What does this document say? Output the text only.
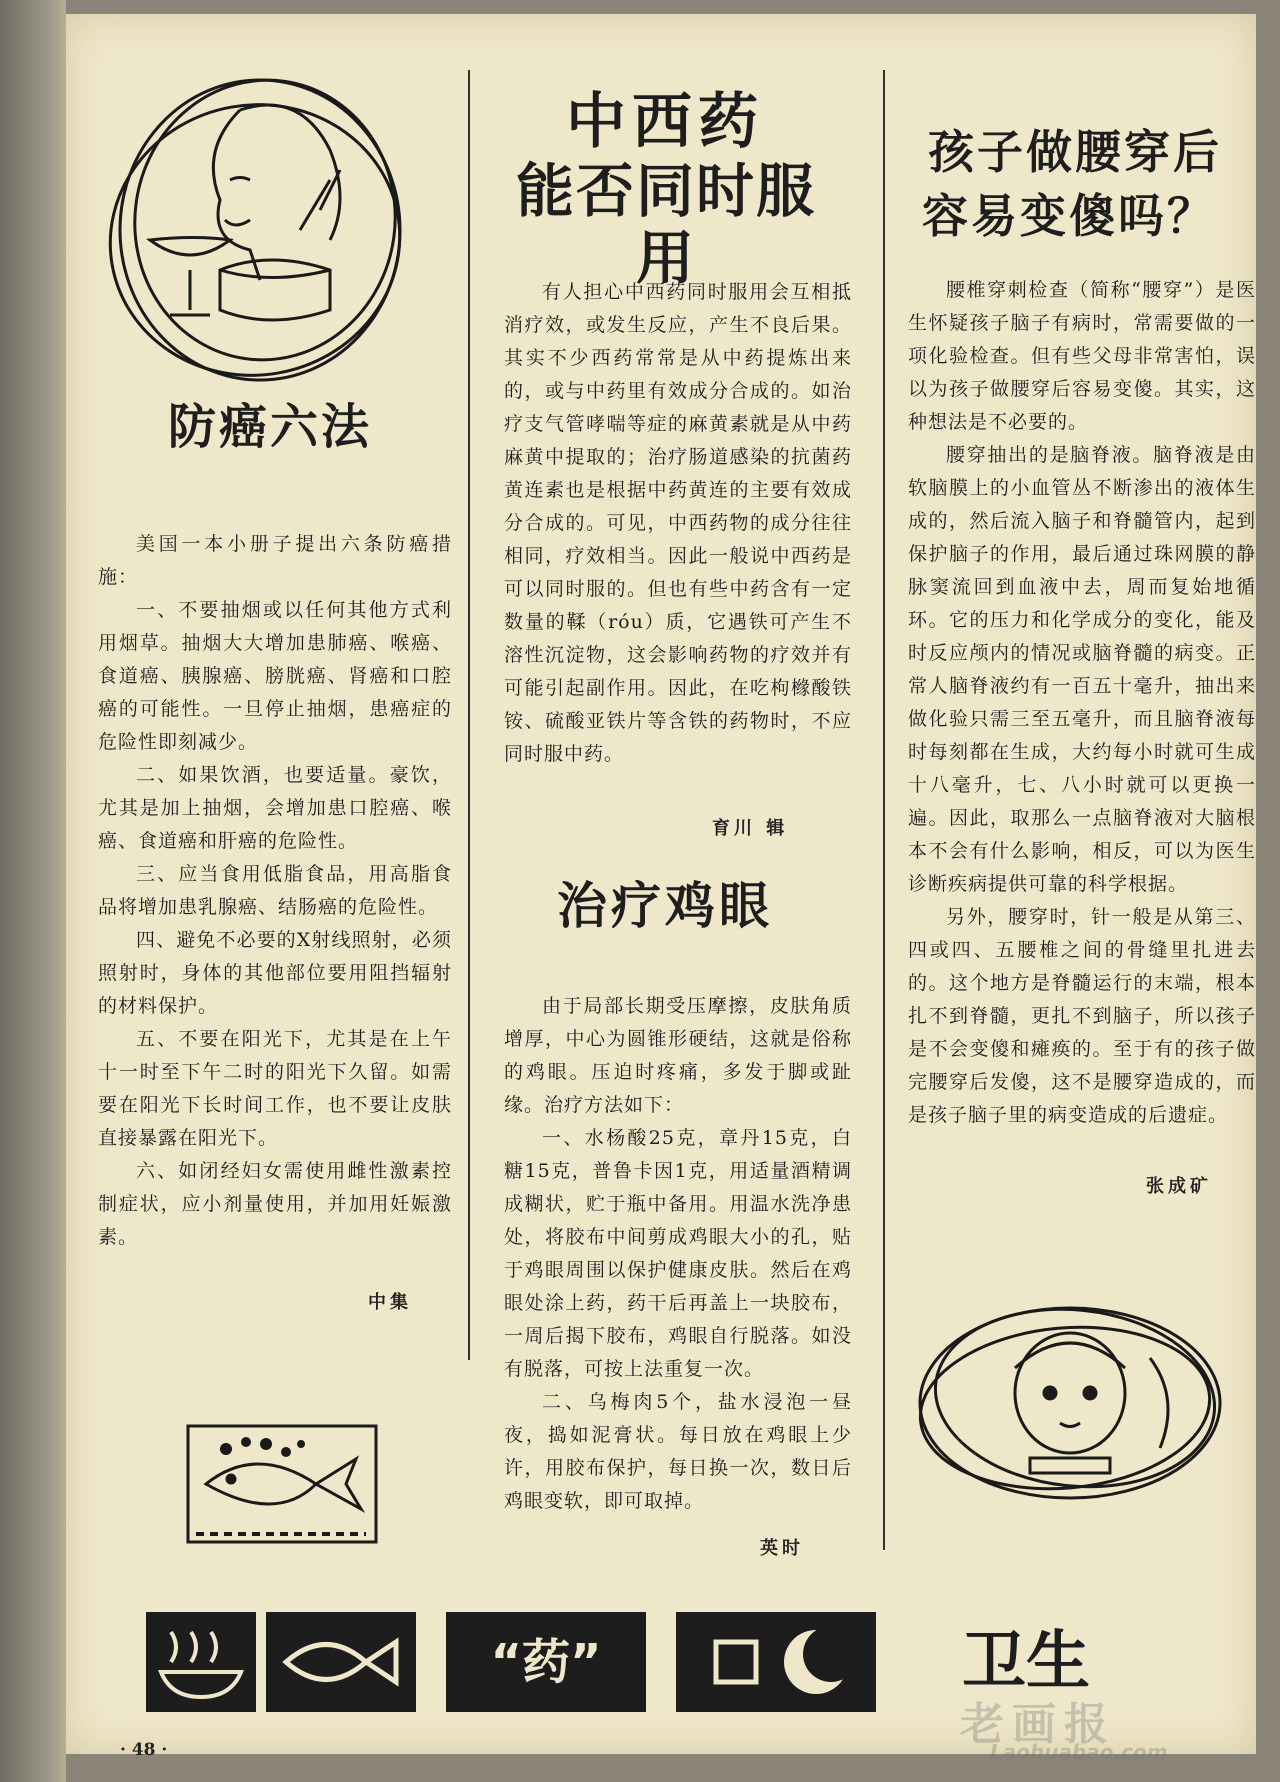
防癌六法

美国一本小册子提出六条防癌措施：

一、不要抽烟或以任何其他方式利用烟草。抽烟大大增加患肺癌、喉癌、食道癌、胰腺癌、膀胱癌、肾癌和口腔癌的可能性。一旦停止抽烟，患癌症的危险性即刻减少。

二、如果饮酒，也要适量。豪饮，尤其是加上抽烟，会增加患口腔癌、喉癌、食道癌和肝癌的危险性。

三、应当食用低脂食品，用高脂食品将增加患乳腺癌、结肠癌的危险性。

四、避免不必要的X射线照射，必须照射时，身体的其他部位要用阻挡辐射的材料保护。

五、不要在阳光下，尤其是在上午十一时至下午二时的阳光下久留。如需要在阳光下长时间工作，也不要让皮肤直接暴露在阳光下。

六、如闭经妇女需使用雌性激素控制症状，应小剂量使用，并加用妊娠激素。

中集
中西药
能否同时服用

有人担心中西药同时服用会互相抵消疗效，或发生反应，产生不良后果。其实不少西药常常是从中药提炼出来的，或与中药里有效成分合成的。如治疗支气管哮喘等症的麻黄素就是从中药麻黄中提取的；治疗肠道感染的抗菌药黄连素也是根据中药黄连的主要有效成分合成的。可见，中西药物的成分往往相同，疗效相当。因此一般说中西药是可以同时服的。但也有些中药含有一定数量的鞣（róu）质，它遇铁可产生不溶性沉淀物，这会影响药物的疗效并有可能引起副作用。因此，在吃枸橼酸铁铵、硫酸亚铁片等含铁的药物时，不应同时服中药。

育川 辑
治疗鸡眼

由于局部长期受压摩擦，皮肤角质增厚，中心为圆锥形硬结，这就是俗称的鸡眼。压迫时疼痛，多发于脚或趾缘。治疗方法如下：

一、水杨酸25克，章丹15克，白糖15克，普鲁卡因1克，用适量酒精调成糊状，贮于瓶中备用。用温水洗净患处，将胶布中间剪成鸡眼大小的孔，贴于鸡眼周围以保护健康皮肤。然后在鸡眼处涂上药，药干后再盖上一块胶布，一周后揭下胶布，鸡眼自行脱落。如没有脱落，可按上法重复一次。

二、乌梅肉5个，盐水浸泡一昼夜，捣如泥膏状。每日放在鸡眼上少许，用胶布保护，每日换一次，数日后鸡眼变软，即可取掉。

英时
孩子做腰穿后
容易变傻吗？

腰椎穿刺检查（简称“腰穿”）是医生怀疑孩子脑子有病时，常需要做的一项化验检查。但有些父母非常害怕，误以为孩子做腰穿后容易变傻。其实，这种想法是不必要的。

腰穿抽出的是脑脊液。脑脊液是由软脑膜上的小血管丛不断渗出的液体生成的，然后流入脑子和脊髓管内，起到保护脑子的作用，最后通过珠网膜的静脉窦流回到血液中去，周而复始地循环。它的压力和化学成分的变化，能及时反应颅内的情况或脑脊髓的病变。正常人脑脊液约有一百五十毫升，抽出来做化验只需三至五毫升，而且脑脊液每时每刻都在生成，大约每小时就可生成十八毫升，七、八小时就可以更换一遍。因此，取那么一点脑脊液对大脑根本不会有什么影响，相反，可以为医生诊断疾病提供可靠的科学根据。

另外，腰穿时，针一般是从第三、四或四、五腰椎之间的骨缝里扎进去的。这个地方是脊髓运行的末端，根本扎不到脊髓，更扎不到脑子，所以孩子是不会变傻和瘫痪的。至于有的孩子做完腰穿后发傻，这不是腰穿造成的，而是孩子脑子里的病变造成的后遗症。

张成矿
“药”	卫生
老画报
Laohuabao.com
· 48 ·
